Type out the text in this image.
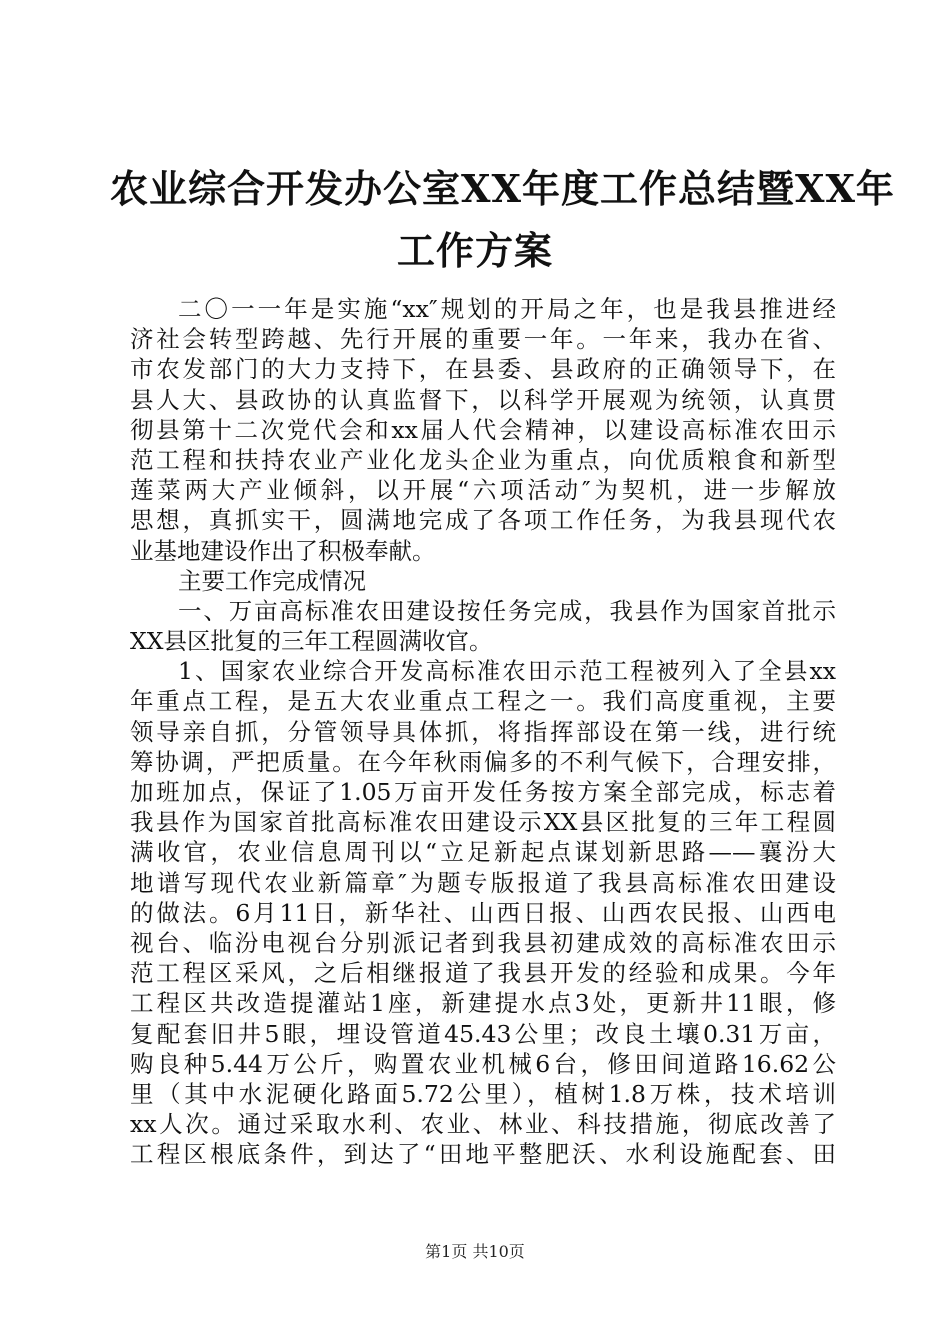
农业综合开发办公室XX年度工作总结暨XX年
工作方案
二〇一一年是实施“xx″规划的开局之年，也是我县推进经
济社会转型跨越、先行开展的重要一年。一年来，我办在省、
市农发部门的大力支持下，在县委、县政府的正确领导下，在
县人大、县政协的认真监督下，以科学开展观为统领，认真贯
彻县第十二次党代会和xx届人代会精神，以建设高标准农田示
范工程和扶持农业产业化龙头企业为重点，向优质粮食和新型
莲菜两大产业倾斜，以开展“六项活动″为契机，进一步解放
思想，真抓实干，圆满地完成了各项工作任务，为我县现代农
业基地建设作出了积极奉献。
主要工作完成情况
一、万亩高标准农田建设按任务完成，我县作为国家首批示
XX县区批复的三年工程圆满收官。
1、国家农业综合开发高标准农田示范工程被列入了全县xx
年重点工程，是五大农业重点工程之一。我们高度重视，主要
领导亲自抓，分管领导具体抓，将指挥部设在第一线，进行统
筹协调，严把质量。在今年秋雨偏多的不利气候下，合理安排，
加班加点，保证了1.05万亩开发任务按方案全部完成，标志着
我县作为国家首批高标准农田建设示XX县区批复的三年工程圆
满收官，农业信息周刊以“立足新起点谋划新思路——襄汾大
地谱写现代农业新篇章″为题专版报道了我县高标准农田建设
的做法。6月11日，新华社、山西日报、山西农民报、山西电
视台、临汾电视台分别派记者到我县初建成效的高标准农田示
范工程区采风，之后相继报道了我县开发的经验和成果。今年
工程区共改造提灌站1座，新建提水点3处，更新井11眼，修
复配套旧井5眼，埋设管道45.43公里；改良土壤0.31万亩，
购良种5.44万公斤，购置农业机械6台，修田间道路16.62公
里（其中水泥硬化路面5.72公里），植树1.8万株，技术培训
xx人次。通过采取水利、农业、林业、科技措施，彻底改善了
工程区根底条件，到达了“田地平整肥沃、水利设施配套、田
第1页 共10页
